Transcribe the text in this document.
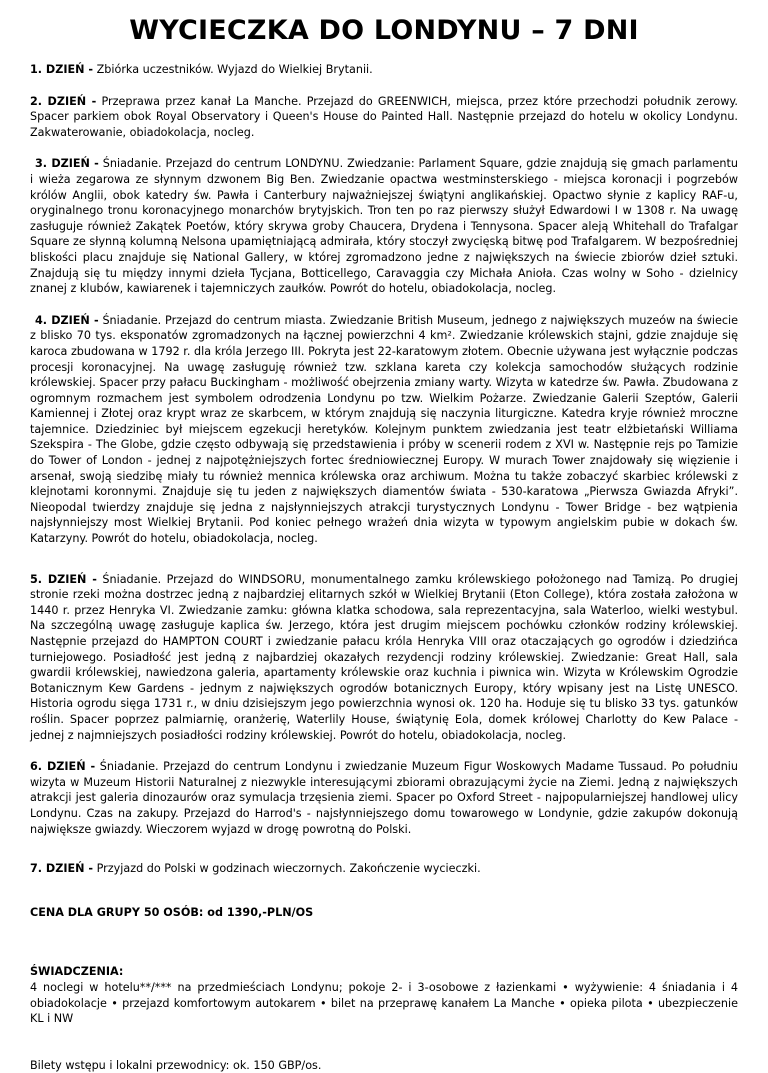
WYCIECZKA DO LONDYNU – 7 DNI

1. DZIEŃ - Zbiórka uczestników. Wyjazd do Wielkiej Brytanii.

2. DZIEŃ - Przeprawa przez kanał La Manche. Przejazd do GREENWICH, miejsca, przez które przechodzi południk zerowy. Spacer parkiem obok Royal Observatory i Queen's House do Painted Hall. Następnie przejazd do hotelu w okolicy Londynu. Zakwaterowanie, obiadokolacja, nocleg.

3. DZIEŃ - Śniadanie. Przejazd do centrum LONDYNU. Zwiedzanie: Parlament Square, gdzie znajdują się gmach parlamentu i wieża zegarowa ze słynnym dzwonem Big Ben. Zwiedzanie opactwa westminsterskiego - miejsca koronacji i pogrzebów królów Anglii, obok katedry św. Pawła i Canterbury najważniejszej świątyni anglikańskiej. Opactwo słynie z kaplicy RAF-u, oryginalnego tronu koronacyjnego monarchów brytyjskich. Tron ten po raz pierwszy służył Edwardowi I w 1308 r. Na uwagę zasługuje również Zakątek Poetów, który skrywa groby Chaucera, Drydena i Tennysona. Spacer aleją Whitehall do Trafalgar Square ze słynną kolumną Nelsona upamiętniającą admirała, który stoczył zwycięską bitwę pod Trafalgarem. W bezpośredniej bliskości placu znajduje się National Gallery, w której zgromadzono jedne z największych na świecie zbiorów dzieł sztuki. Znajdują się tu między innymi dzieła Tycjana, Botticellego, Caravaggia czy Michała Anioła. Czas wolny w Soho - dzielnicy znanej z klubów, kawiarenek i tajemniczych zaułków. Powrót do hotelu, obiadokolacja, nocleg.

4. DZIEŃ - Śniadanie. Przejazd do centrum miasta. Zwiedzanie British Museum, jednego z największych muzeów na świecie z blisko 70 tys. eksponatów zgromadzonych na łącznej powierzchni 4 km². Zwiedzanie królewskich stajni, gdzie znajduje się karoca zbudowana w 1792 r. dla króla Jerzego III. Pokryta jest 22-karatowym złotem. Obecnie używana jest wyłącznie podczas procesji koronacyjnej. Na uwagę zasługuję również tzw. szklana kareta czy kolekcja samochodów służących rodzinie królewskiej. Spacer przy pałacu Buckingham - możliwość obejrzenia zmiany warty. Wizyta w katedrze św. Pawła. Zbudowana z ogromnym rozmachem jest symbolem odrodzenia Londynu po tzw. Wielkim Pożarze. Zwiedzanie Galerii Szeptów, Galerii Kamiennej i Złotej oraz krypt wraz ze skarbcem, w którym znajdują się naczynia liturgiczne. Katedra kryje również mroczne tajemnice. Dziedziniec był miejscem egzekucji heretyków. Kolejnym punktem zwiedzania jest teatr elżbietański Williama Szekspira - The Globe, gdzie często odbywają się przedstawienia i próby w scenerii rodem z XVI w. Następnie rejs po Tamizie do Tower of London - jednej z najpotężniejszych fortec średniowiecznej Europy. W murach Tower znajdowały się więzienie i arsenał, swoją siedzibę miały tu również mennica królewska oraz archiwum. Można tu także zobaczyć skarbiec królewski z klejnotami koronnymi. Znajduje się tu jeden z największych diamentów świata - 530-karatowa „Pierwsza Gwiazda Afryki”. Nieopodal twierdzy znajduje się jedna z najsłynniejszych atrakcji turystycznych Londynu - Tower Bridge - bez wątpienia najsłynniejszy most Wielkiej Brytanii. Pod koniec pełnego wrażeń dnia wizyta w typowym angielskim pubie w dokach św. Katarzyny. Powrót do hotelu, obiadokolacja, nocleg.

5. DZIEŃ - Śniadanie. Przejazd do WINDSORU, monumentalnego zamku królewskiego położonego nad Tamizą. Po drugiej stronie rzeki można dostrzec jedną z najbardziej elitarnych szkół w Wielkiej Brytanii (Eton College), która została założona w 1440 r. przez Henryka VI. Zwiedzanie zamku: główna klatka schodowa, sala reprezentacyjna, sala Waterloo, wielki westybul. Na szczególną uwagę zasługuje kaplica św. Jerzego, która jest drugim miejscem pochówku członków rodziny królewskiej. Następnie przejazd do HAMPTON COURT i zwiedzanie pałacu króla Henryka VIII oraz otaczających go ogrodów i dziedzińca turniejowego. Posiadłość jest jedną z najbardziej okazałych rezydencji rodziny królewskiej. Zwiedzanie: Great Hall, sala gwardii królewskiej, nawiedzona galeria, apartamenty królewskie oraz kuchnia i piwnica win. Wizyta w Królewskim Ogrodzie Botanicznym Kew Gardens - jednym z największych ogrodów botanicznych Europy, który wpisany jest na Listę UNESCO. Historia ogrodu sięga 1731 r., w dniu dzisiejszym jego powierzchnia wynosi ok. 120 ha. Hoduje się tu blisko 33 tys. gatunków roślin. Spacer poprzez palmiarnię, oranżerię, Waterlily House, świątynię Eola, domek królowej Charlotty do Kew Palace - jednej z najmniejszych posiadłości rodziny królewskiej. Powrót do hotelu, obiadokolacja, nocleg.

6. DZIEŃ - Śniadanie. Przejazd do centrum Londynu i zwiedzanie Muzeum Figur Woskowych Madame Tussaud. Po południu wizyta w Muzeum Historii Naturalnej z niezwykle interesującymi zbiorami obrazującymi życie na Ziemi. Jedną z największych atrakcji jest galeria dinozaurów oraz symulacja trzęsienia ziemi. Spacer po Oxford Street - najpopularniejszej handlowej ulicy Londynu. Czas na zakupy. Przejazd do Harrod's - najsłynniejszego domu towarowego w Londynie, gdzie zakupów dokonują największe gwiazdy. Wieczorem wyjazd w drogę powrotną do Polski.

7. DZIEŃ - Przyjazd do Polski w godzinach wieczornych. Zakończenie wycieczki.

CENA DLA GRUPY 50 OSÓB: od 1390,-PLN/OS

ŚWIADCZENIA:

4 noclegi w hotelu**/*** na przedmieściach Londynu; pokoje 2- i 3-osobowe z łazienkami • wyżywienie: 4 śniadania i 4 obiadokolacje • przejazd komfortowym autokarem • bilet na przeprawę kanałem La Manche • opieka pilota • ubezpieczenie KL i NW

Bilety wstępu i lokalni przewodnicy: ok. 150 GBP/os.
